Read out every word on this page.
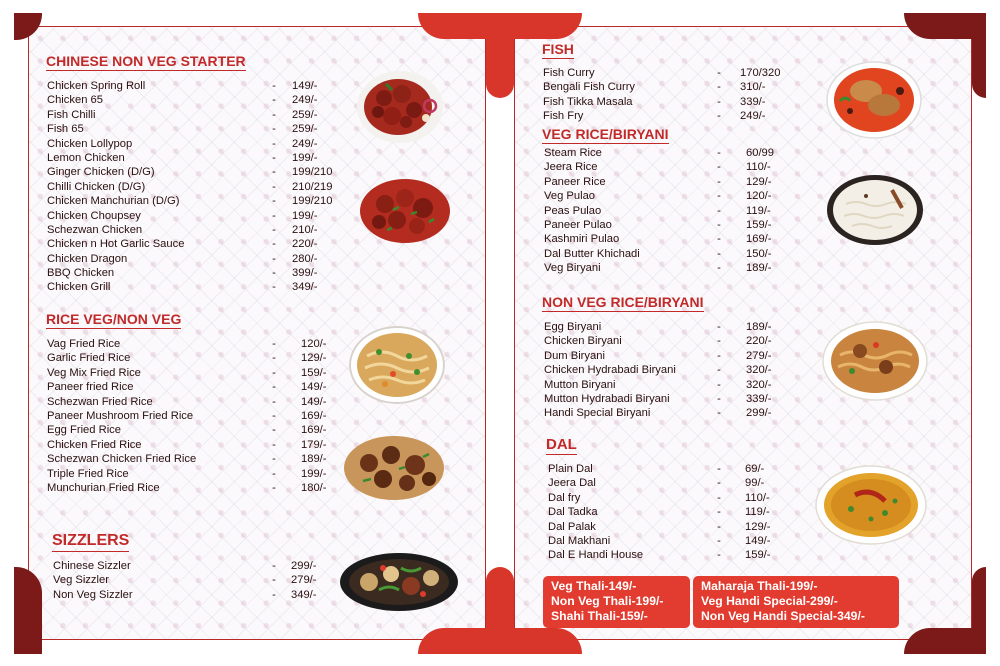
CHINESE NON VEG STARTER
Chicken Spring Roll	- 149/-
Chicken 65	- 249/-
Fish Chilli	- 259/-
Fish 65	- 259/-
Chicken Lollypop	- 249/-
Lemon Chicken	- 199/-
Ginger Chicken (D/G)	- 199/210
Chilli Chicken (D/G)	- 210/219
Chicken Manchurian (D/G)	- 199/210
Chicken Choupsey	- 199/-
Schezwan Chicken	- 210/-
Chicken n Hot Garlic Sauce	- 220/-
Chicken Dragon	- 280/-
BBQ Chicken	- 399/-
Chicken Grill	- 349/-
RICE VEG/NON VEG
Vag Fried Rice	- 120/-
Garlic Fried Rice	- 129/-
Veg Mix Fried Rice	- 159/-
Paneer fried Rice	- 149/-
Schezwan Fried Rice	- 149/-
Paneer Mushroom Fried Rice	- 169/-
Egg Fried Rice	- 169/-
Chicken Fried Rice	- 179/-
Schezwan Chicken Fried Rice	- 189/-
Triple Fried Rice	- 199/-
Munchurian Fried Rice	- 180/-
SIZZLERS
Chinese Sizzler	- 299/-
Veg Sizzler	- 279/-
Non Veg Sizzler	- 349/-
FISH
Fish Curry	- 170/320
Bengali Fish Curry	- 310/-
Fish Tikka Masala	- 339/-
Fish Fry	- 249/-
VEG RICE/BIRYANI
Steam Rice	- 60/99
Jeera Rice	- 110/-
Paneer Rice	- 129/-
Veg Pulao	- 120/-
Peas Pulao	- 119/-
Paneer Pulao	- 159/-
Kashmiri Pulao	- 169/-
Dal Butter Khichadi	- 150/-
Veg Biryani	- 189/-
NON VEG RICE/BIRYANI
Egg Biryani	- 189/-
Chicken Biryani	- 220/-
Dum Biryani	- 279/-
Chicken Hydrabadi Biryani	- 320/-
Mutton Biryani	- 320/-
Mutton Hydrabadi Biryani	- 339/-
Handi Special Biryani	- 299/-
DAL
Plain Dal	- 69/-
Jeera Dal	- 99/-
Dal fry	- 110/-
Dal Tadka	- 119/-
Dal Palak	- 129/-
Dal Makhani	- 149/-
Dal E Handi House	- 159/-
Veg Thali-149/-
Non Veg Thali-199/-
Shahi Thali-159/-
Maharaja Thali-199/-
Veg Handi Special-299/-
Non Veg Handi Special-349/-
